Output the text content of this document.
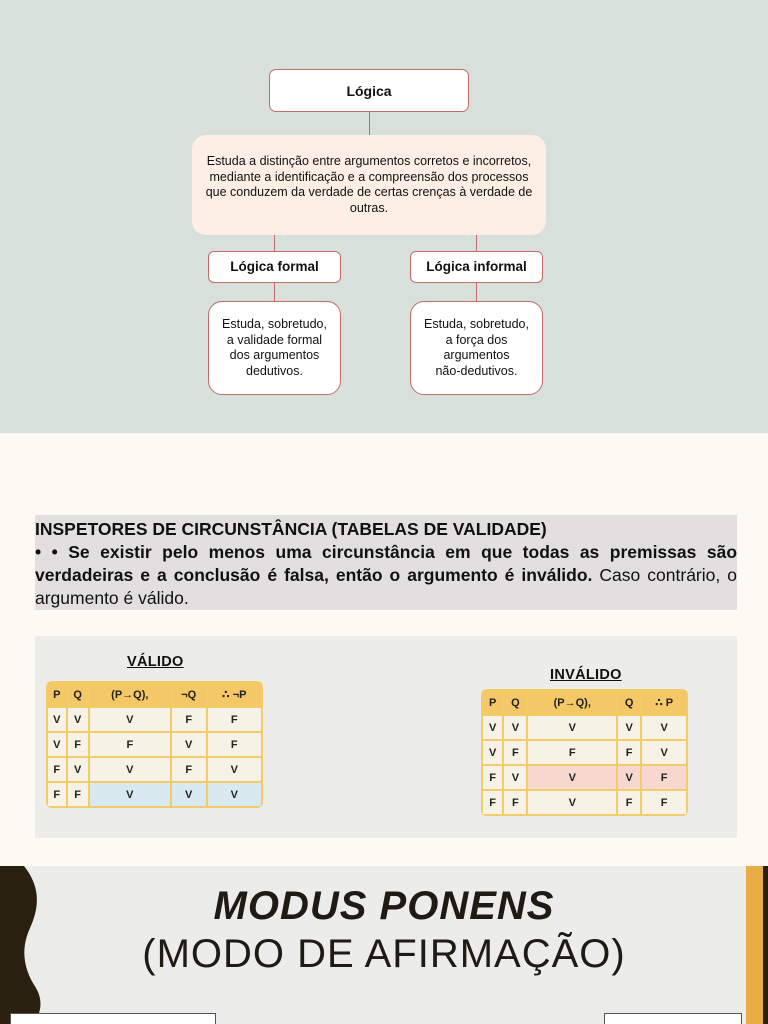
Lógica
Estuda a distinção entre argumentos corretos e incorretos, mediante a identificação e a compreensão dos processos que conduzem da verdade de certas crenças à verdade de outras.
Lógica formal	Lógica informal
Estuda, sobretudo,
a validade formal
dos argumentos
dedutivos.
Estuda, sobretudo,
a força dos
argumentos
não-dedutivos.
INSPETORES DE CIRCUNSTÂNCIA (TABELAS DE VALIDADE)
• • Se existir pelo menos uma circunstância em que todas as premissas são verdadeiras e a conclusão é falsa, então o argumento é inválido. Caso contrário, o argumento é válido.
VÁLIDO
P	Q	(P→Q),	¬Q	∴ ¬P
V	V	V	F	F
V	F	F	V	F
F	V	V	F	V
F	F	V	V	V
INVÁLIDO
P	Q	(P→Q),	Q	∴ P
V	V	V	V	V
V	F	F	F	V
F	V	V	V	F
F	F	V	F	F
MODUS PONENS
(MODO DE AFIRMAÇÃO)
